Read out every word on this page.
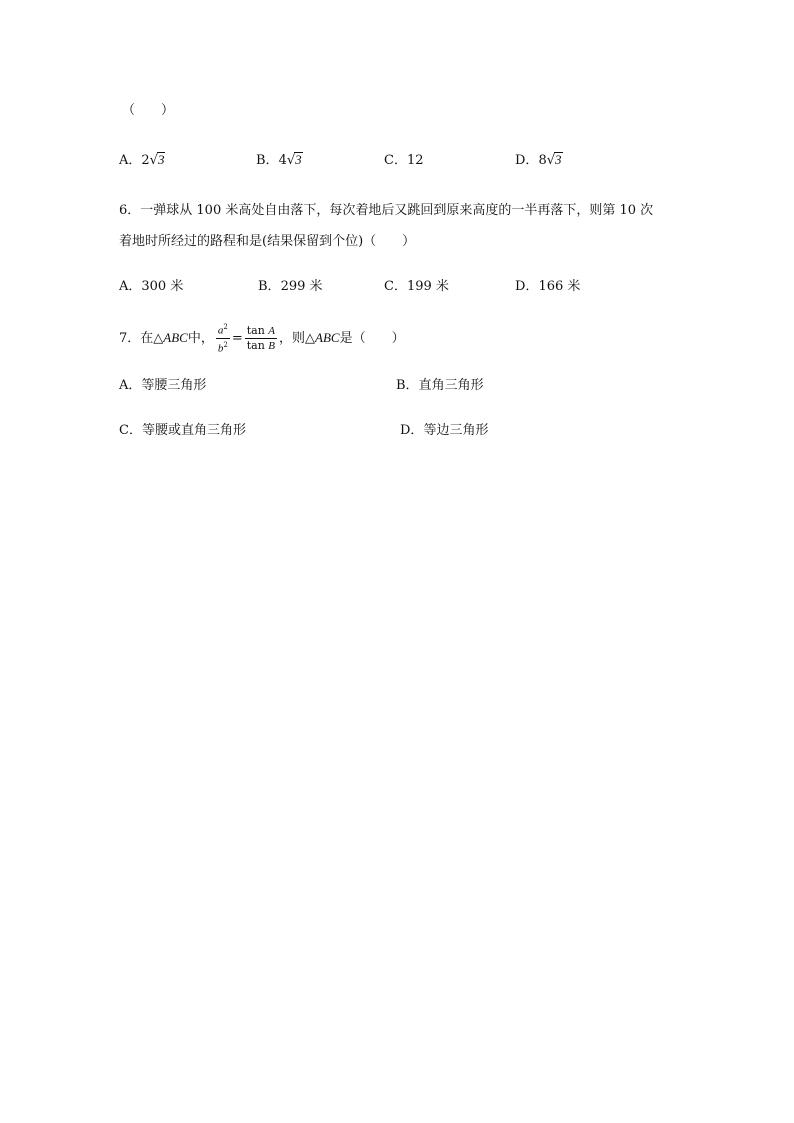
（　　）
A．2√3	B．4√3	C．12	D．8√3
6．一弹球从 100 米高处自由落下，每次着地后又跳回到原来高度的一半再落下，则第 10 次
着地时所经过的路程和是(结果保留到个位)（　　）
A．300 米	B．299 米	C．199 米	D．166 米
7．在△ABC中， $\frac{a^2}{b^2} = \frac{\text{tan A}}{\text{tan B}}$ ，则△ABC是（　　）
A．等腰三角形	B．直角三角形
C．等腰或直角三角形	D．等边三角形
